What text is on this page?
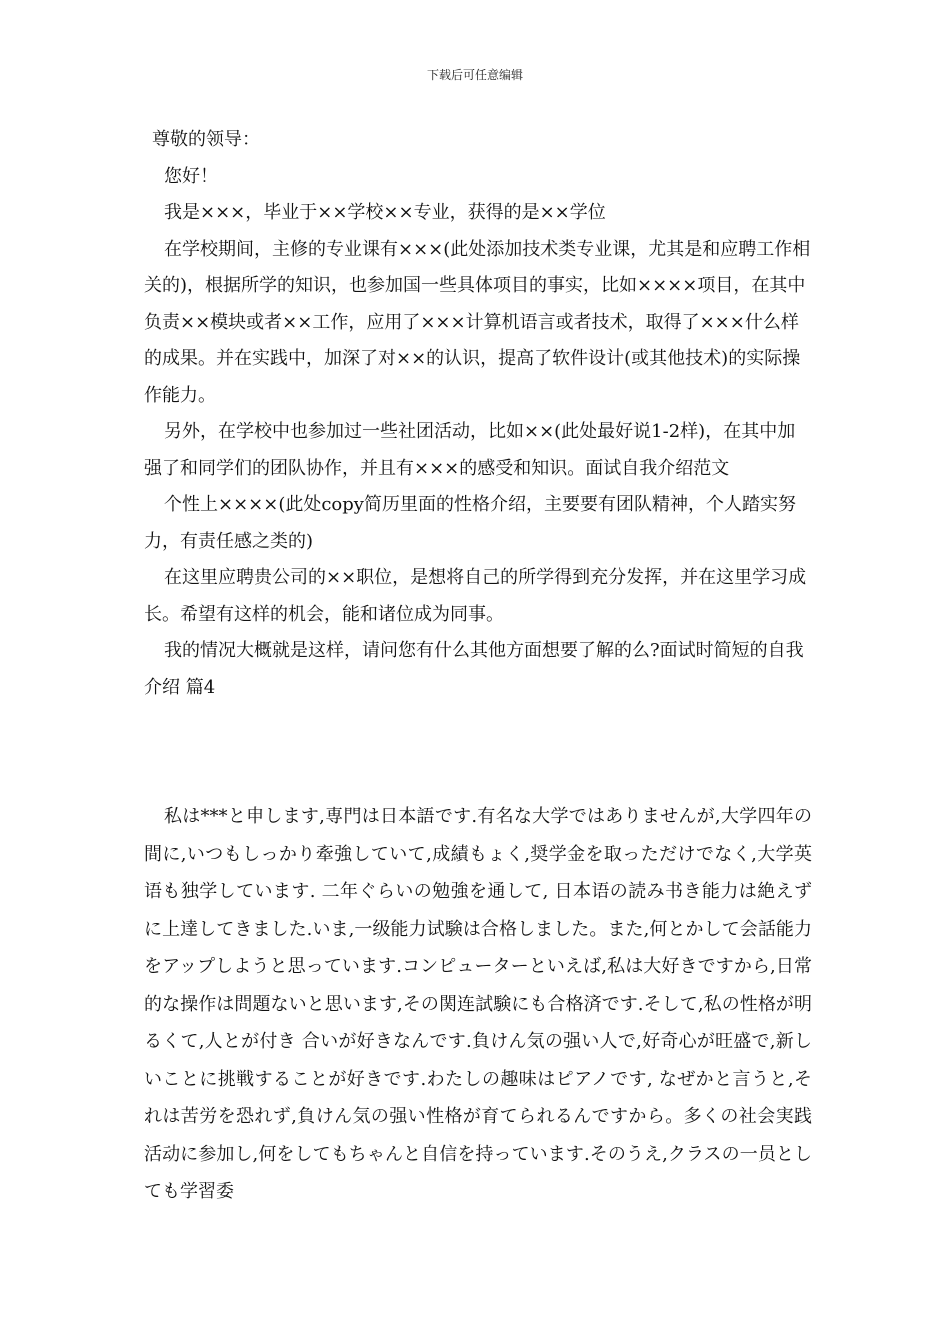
下载后可任意编辑

尊敬的领导：

您好！

我是×××，毕业于××学校××专业，获得的是××学位

在学校期间，主修的专业课有×××(此处添加技术类专业课，尤其是和应聘工作相关的)，根据所学的知识，也参加国一些具体项目的事实，比如××××项目，在其中负责××模块或者××工作，应用了×××计算机语言或者技术，取得了×××什么样的成果。并在实践中，加深了对××的认识，提高了软件设计(或其他技术)的实际操作能力。

另外，在学校中也参加过一些社团活动，比如××(此处最好说1-2样)，在其中加强了和同学们的团队协作，并且有×××的感受和知识。面试自我介绍范文

个性上××××(此处copy简历里面的性格介绍，主要要有团队精神，个人踏实努力，有责任感之类的)

在这里应聘贵公司的××职位，是想将自己的所学得到充分发挥，并在这里学习成长。希望有这样的机会，能和诸位成为同事。

我的情况大概就是这样，请问您有什么其他方面想要了解的么?面试时简短的自我介绍 篇4

私は***と申します,専門は日本語です.有名な大学ではありませんが,大学四年の間に,いつもしっかり牽強していて,成績もょく,奨学金を取っただけでなく,大学英语も独学しています. 二年ぐらいの勉強を通して, 日本语の読み书き能力は絶えずに上達してきました.いま,一级能力试験は合格しました。また,何とかして会話能力をアップしようと思っています.コンピューターといえば,私は大好きですから,日常的な操作は問題ないと思います,その関连試験にも合格済です.そして,私の性格が明るくて,人とが付き 合いが好きなんです.負けん気の强い人で,好奇心が旺盛で,新しいことに挑戦することが好きです.わたしの趣味はピアノです, なぜかと言うと,それは苦労を恐れず,負けん気の强い性格が育てられるんですから。多くの社会実践活动に参加し,何をしてもちゃんと自信を持っています.そのうえ,クラスの一员としても学習委
